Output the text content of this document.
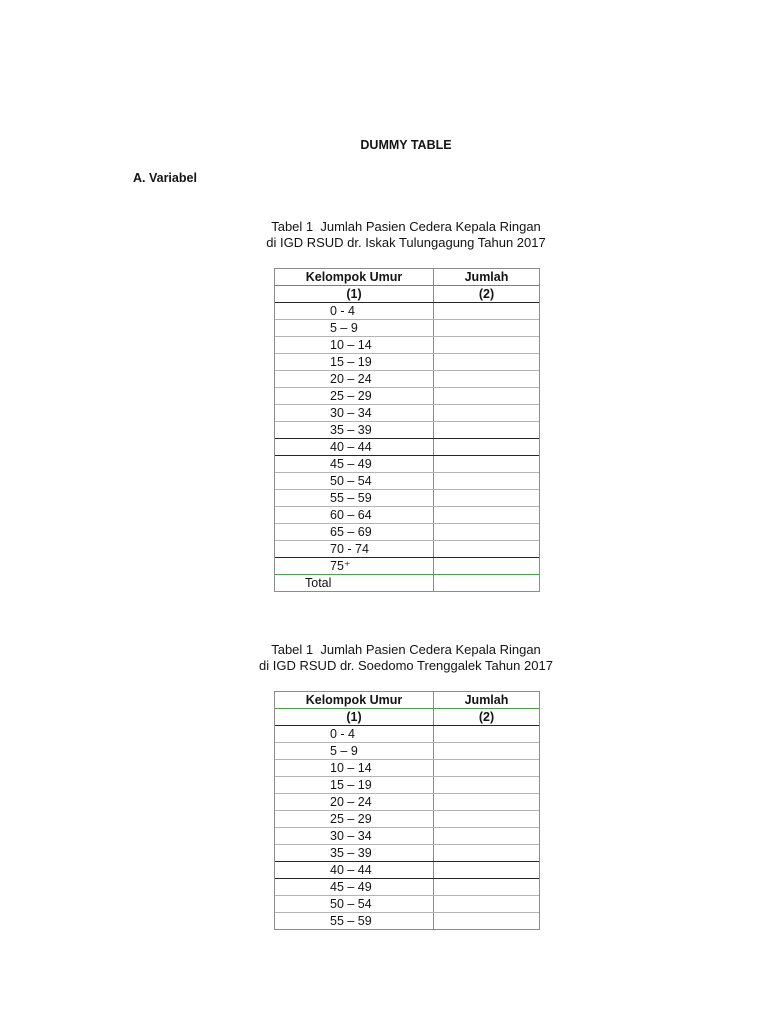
DUMMY TABLE
A. Variabel
Tabel 1  Jumlah Pasien Cedera Kepala Ringan
di IGD RSUD dr. Iskak Tulungagung Tahun 2017
Kelompok Umur	Jumlah
(1)	(2)
0 - 4
5 – 9
10 – 14
15 – 19
20 – 24
25 – 29
30 – 34
35 – 39
40 – 44
45 – 49
50 – 54
55 – 59
60 – 64
65 – 69
70 - 74
75⁺
Total
Tabel 1  Jumlah Pasien Cedera Kepala Ringan
di IGD RSUD dr. Soedomo Trenggalek Tahun 2017
Kelompok Umur	Jumlah
(1)	(2)
0 - 4
5 – 9
10 – 14
15 – 19
20 – 24
25 – 29
30 – 34
35 – 39
40 – 44
45 – 49
50 – 54
55 – 59
